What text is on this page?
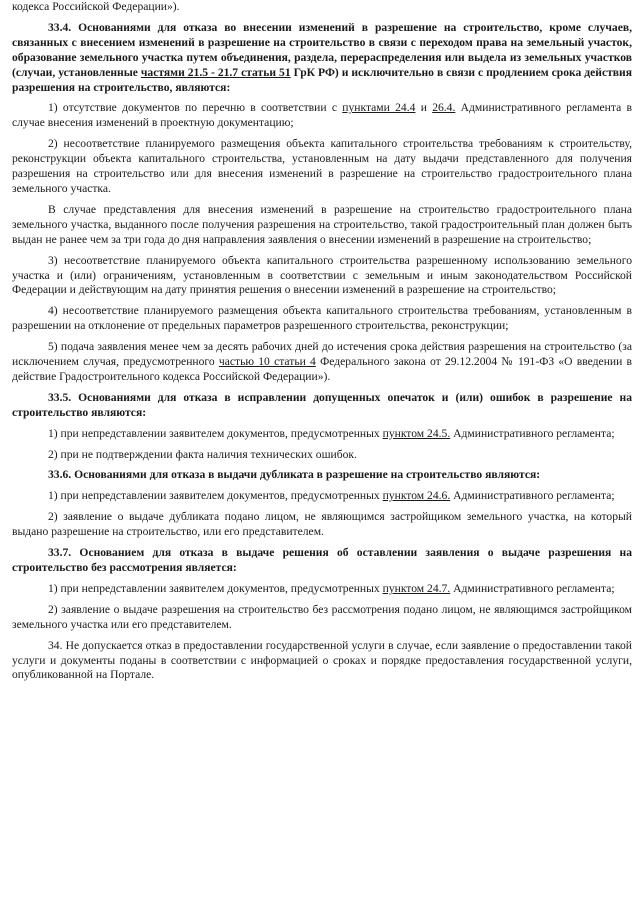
кодекса Российской Федерации»).

33.4. Основаниями для отказа во внесении изменений в разрешение на строительство, кроме случаев, связанных с внесением изменений в разрешение на строительство в связи с переходом права на земельный участок, образование земельного участка путем объединения, раздела, перераспределения или выдела из земельных участков (случаи, установленные частями 21.5 - 21.7 статьи 51 ГрК РФ) и исключительно в связи с продлением срока действия разрешения на строительство, являются:

1) отсутствие документов по перечню в соответствии с пунктами 24.4 и 26.4. Административного регламента в случае внесения изменений в проектную документацию;

2) несоответствие планируемого размещения объекта капитального строительства требованиям к строительству, реконструкции объекта капитального строительства, установленным на дату выдачи представленного для получения разрешения на строительство или для внесения изменений в разрешение на строительство градостроительного плана земельного участка.

В случае представления для внесения изменений в разрешение на строительство градостроительного плана земельного участка, выданного после получения разрешения на строительство, такой градостроительный план должен быть выдан не ранее чем за три года до дня направления заявления о внесении изменений в разрешение на строительство;

3) несоответствие планируемого объекта капитального строительства разрешенному использованию земельного участка и (или) ограничениям, установленным в соответствии с земельным и иным законодательством Российской Федерации и действующим на дату принятия решения о внесении изменений в разрешение на строительство;

4) несоответствие планируемого размещения объекта капитального строительства требованиям, установленным в разрешении на отклонение от предельных параметров разрешенного строительства, реконструкции;

5) подача заявления менее чем за десять рабочих дней до истечения срока действия разрешения на строительство (за исключением случая, предусмотренного частью 10 статьи 4 Федерального закона от 29.12.2004 № 191-ФЗ «О введении в действие Градостроительного кодекса Российской Федерации»).

33.5. Основаниями для отказа в исправлении допущенных опечаток и (или) ошибок в разрешение на строительство являются:

1) при непредставлении заявителем документов, предусмотренных пунктом 24.5. Административного регламента;

2) при не подтверждении факта наличия технических ошибок.

33.6. Основаниями для отказа в выдачи дубликата в разрешение на строительство являются:

1) при непредставлении заявителем документов, предусмотренных пунктом 24.6. Административного регламента;

2) заявление о выдаче дубликата подано лицом, не являющимся застройщиком земельного участка, на который выдано разрешение на строительство, или его представителем.

33.7. Основанием для отказа в выдаче решения об оставлении заявления о выдаче разрешения на строительство без рассмотрения является:

1) при непредставлении заявителем документов, предусмотренных пунктом 24.7. Административного регламента;

2) заявление о выдаче разрешения на строительство без рассмотрения подано лицом, не являющимся застройщиком земельного участка или его представителем.

34. Не допускается отказ в предоставлении государственной услуги в случае, если заявление о предоставлении такой услуги и документы поданы в соответствии с информацией о сроках и порядке предоставления государственной услуги, опубликованной на Портале.
